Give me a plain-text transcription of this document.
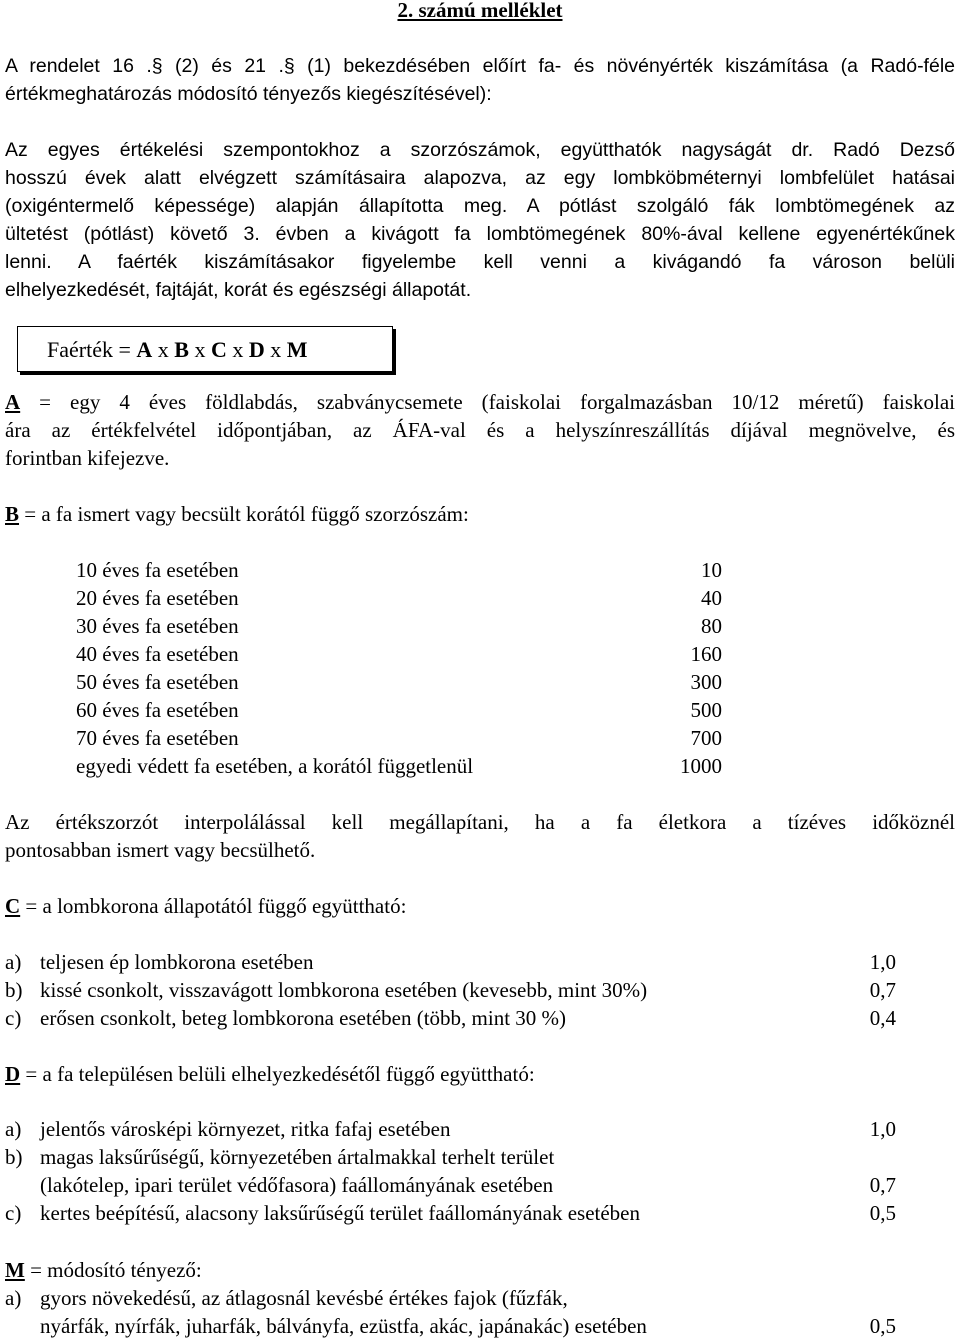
2. számú melléklet
A rendelet 16 .§ (2) és 21 .§ (1) bekezdésében előírt fa- és növényérték kiszámítása (a Radó-féle
értékmeghatározás módosító tényezős kiegészítésével):
Az egyes értékelési szempontokhoz a szorzószámok, együtthatók nagyságát dr. Radó Dezső
hosszú évek alatt elvégzett számításaira alapozva, az egy lombköbméternyi lombfelület hatásai
(oxigéntermelő képessége) alapján állapította meg. A pótlást szolgáló fák lombtömegének az
ültetést (pótlást) követő 3. évben a kivágott fa lombtömegének 80%-ával kellene egyenértékűnek
lenni. A faérték kiszámításakor figyelembe kell venni a kivágandó fa városon belüli
elhelyezkedését, fajtáját, korát és egészségi állapotát.
Faérték = A x B x C x D x M
A = egy 4 éves földlabdás, szabványcsemete (faiskolai forgalmazásban 10/12 méretű) faiskolai
ára az értékfelvétel időpontjában, az ÁFA-val és a helyszínreszállítás díjával megnövelve, és
forintban kifejezve.
B = a fa ismert vagy becsült korától függő szorzószám:
10 éves fa esetében	10
20 éves fa esetében	40
30 éves fa esetében	80
40 éves fa esetében	160
50 éves fa esetében	300
60 éves fa esetében	500
70 éves fa esetében	700
egyedi védett fa esetében, a korától függetlenül	1000
Az értékszorzót interpolálással kell megállapítani, ha a fa életkora a tízéves időköznél
pontosabban ismert vagy becsülhető.
C = a lombkorona állapotától függő együttható:
a) teljesen ép lombkorona esetében	1,0
b) kissé csonkolt, visszavágott lombkorona esetében (kevesebb, mint 30%)	0,7
c) erősen csonkolt, beteg lombkorona esetében (több, mint 30 %)	0,4
D = a fa településen belüli elhelyezkedésétől függő együttható:
a) jelentős városképi környezet, ritka fafaj esetében	1,0
b) magas laksűrűségű, környezetében ártalmakkal terhelt terület
(lakótelep, ipari terület védőfasora) faállományának esetében	0,7
c) kertes beépítésű, alacsony laksűrűségű terület faállományának esetében	0,5
M = módosító tényező:
a) gyors növekedésű, az átlagosnál kevésbé értékes fajok (fűzfák,
nyárfák, nyírfák, juharfák, bálványfa, ezüstfa, akác, japánakác) esetében	0,5
